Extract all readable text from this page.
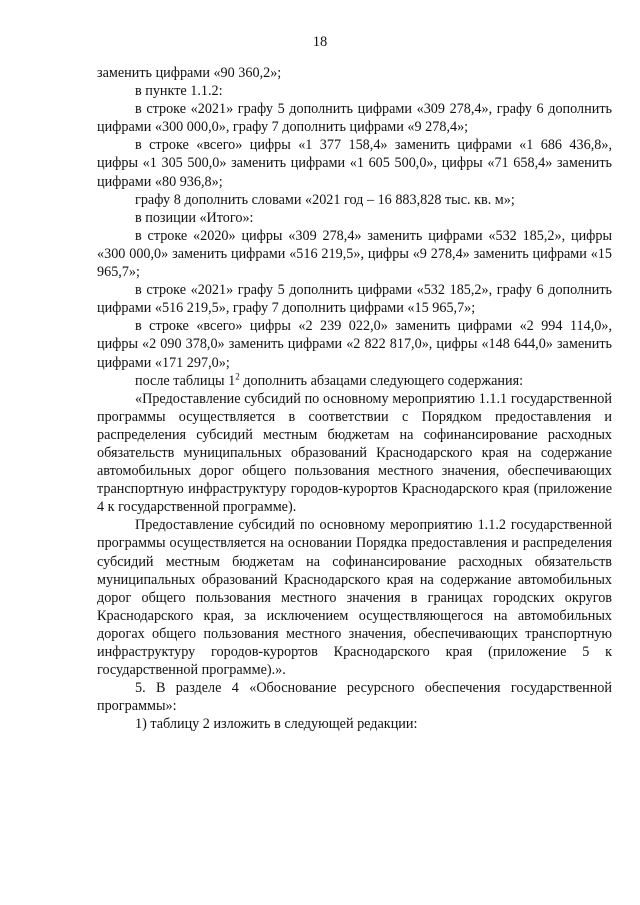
18

заменить цифрами «90 360,2»;

в пункте 1.1.2:

в строке «2021» графу 5 дополнить цифрами «309 278,4», графу 6 дополнить цифрами «300 000,0», графу 7 дополнить цифрами «9 278,4»;

в строке «всего» цифры «1 377 158,4» заменить цифрами «1 686 436,8», цифры «1 305 500,0» заменить цифрами «1 605 500,0», цифры «71 658,4» заменить цифрами «80 936,8»;

графу 8 дополнить словами «2021 год – 16 883,828 тыс. кв. м»;

в позиции «Итого»:

в строке «2020» цифры «309 278,4» заменить цифрами «532 185,2», цифры «300 000,0» заменить цифрами «516 219,5», цифры «9 278,4» заменить цифрами «15 965,7»;

в строке «2021» графу 5 дополнить цифрами «532 185,2», графу 6 дополнить цифрами «516 219,5», графу 7 дополнить цифрами «15 965,7»;

в строке «всего» цифры «2 239 022,0» заменить цифрами «2 994 114,0», цифры «2 090 378,0» заменить цифрами «2 822 817,0», цифры «148 644,0» заменить цифрами «171 297,0»;

после таблицы $1^2$ дополнить абзацами следующего содержания:

«Предоставление субсидий по основному мероприятию 1.1.1 государственной программы осуществляется в соответствии с Порядком предоставления и распределения субсидий местным бюджетам на софинансирование расходных обязательств муниципальных образований Краснодарского края на содержание автомобильных дорог общего пользования местного значения, обеспечивающих транспортную инфраструктуру городов-курортов Краснодарского края (приложение 4 к государственной программе).

Предоставление субсидий по основному мероприятию 1.1.2 государственной программы осуществляется на основании Порядка предоставления и распределения субсидий местным бюджетам на софинансирование расходных обязательств муниципальных образований Краснодарского края на содержание автомобильных дорог общего пользования местного значения в границах городских округов Краснодарского края, за исключением осуществляющегося на автомобильных дорогах общего пользования местного значения, обеспечивающих транспортную инфраструктуру городов-курортов Краснодарского края (приложение 5 к государственной программе).».

5. В разделе 4 «Обоснование ресурсного обеспечения государственной программы»:

1) таблицу 2 изложить в следующей редакции:
